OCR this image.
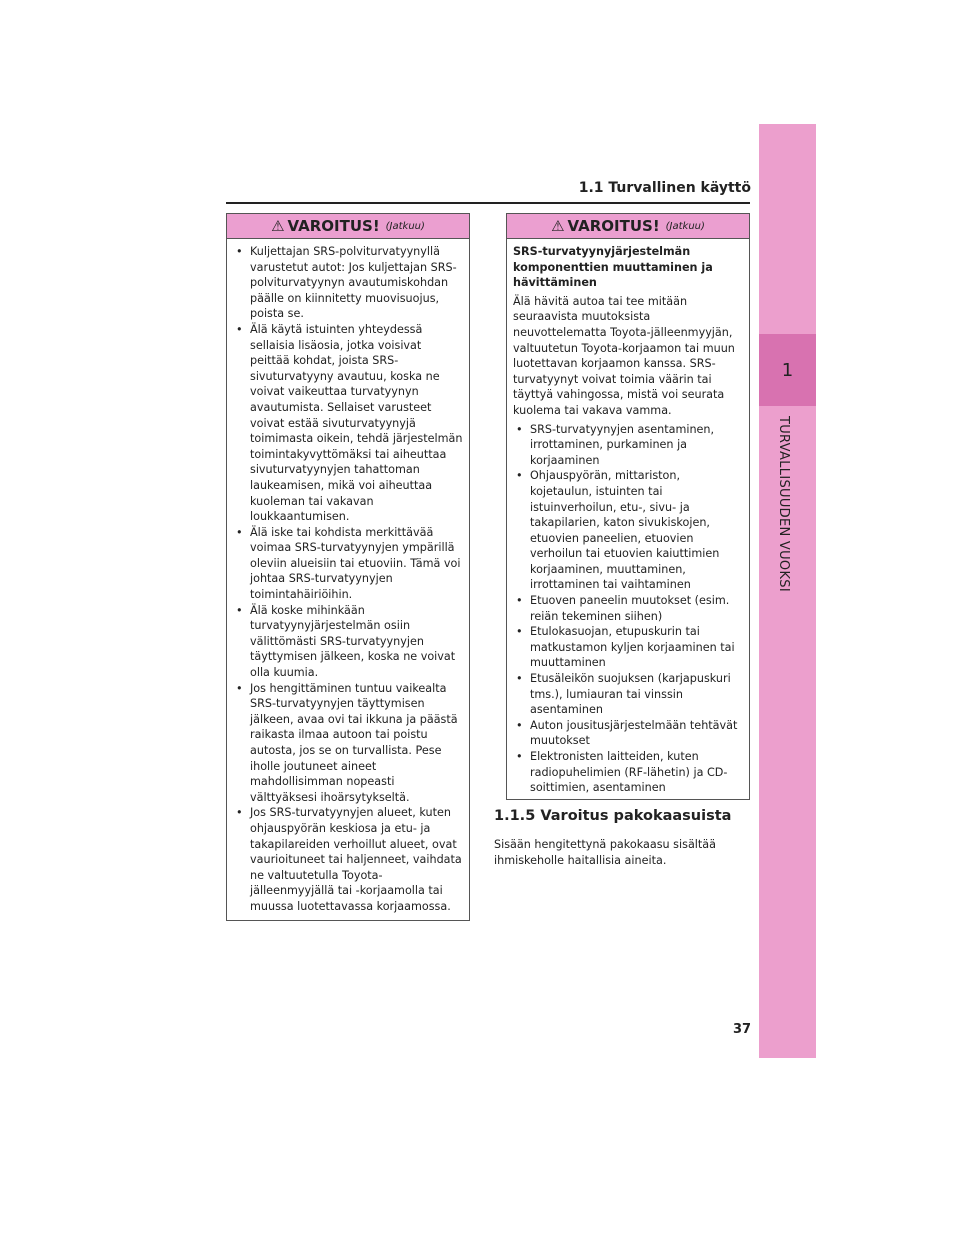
1.1 Turvallinen käyttö
1
TURVALLISUUDEN VUOKSI
⚠ VAROITUS! (Jatkuu)
• Kuljettajan SRS-polviturvatyynyllä varustetut autot: Jos kuljettajan SRS-polviturvatyynyn avautumiskohdan päälle on kiinnitetty muovisuojus, poista se.
• Älä käytä istuinten yhteydessä sellaisia lisäosia, jotka voisivat peittää kohdat, joista SRS-sivuturvatyyny avautuu, koska ne voivat vaikeuttaa turvatyynyn avautumista. Sellaiset varusteet voivat estää sivuturvatyynyjä toimimasta oikein, tehdä järjestelmän toimintakyvyttömäksi tai aiheuttaa sivuturvatyynyjen tahattoman laukeamisen, mikä voi aiheuttaa kuoleman tai vakavan loukkaantumisen.
• Älä iske tai kohdista merkittävää voimaa SRS-turvatyynyjen ympärillä oleviin alueisiin tai etuoviin. Tämä voi johtaa SRS-turvatyynyjen toimintahäiriöihin.
• Älä koske mihinkään turvatyynyjärjestelmän osiin välittömästi SRS-turvatyynyjen täyttymisen jälkeen, koska ne voivat olla kuumia.
• Jos hengittäminen tuntuu vaikealta SRS-turvatyynyjen täyttymisen jälkeen, avaa ovi tai ikkuna ja päästä raikasta ilmaa autoon tai poistu autosta, jos se on turvallista. Pese iholle joutuneet aineet mahdollisimman nopeasti välttyäksesi ihoärsytykseltä.
• Jos SRS-turvatyynyjen alueet, kuten ohjauspyörän keskiosa ja etu- ja takapilareiden verhoillut alueet, ovat vaurioituneet tai haljenneet, vaihdata ne valtuutetulla Toyota-jälleenmyyjällä tai -korjaamolla tai muussa luotettavassa korjaamossa.
⚠ VAROITUS! (Jatkuu)

SRS-turvatyynyjärjestelmän komponenttien muuttaminen ja hävittäminen

Älä hävitä autoa tai tee mitään seuraavista muutoksista neuvottelematta Toyota-jälleenmyyjän, valtuutetun Toyota-korjaamon tai muun luotettavan korjaamon kanssa. SRS-turvatyynyt voivat toimia väärin tai täyttyä vahingossa, mistä voi seurata kuolema tai vakava vamma.

• SRS-turvatyynyjen asentaminen, irrottaminen, purkaminen ja korjaaminen
• Ohjauspyörän, mittariston, kojetaulun, istuinten tai istuinverhoilun, etu-, sivu- ja takapilarien, katon sivukiskojen, etuovien paneelien, etuovien verhoilun tai etuovien kaiuttimien korjaaminen, muuttaminen, irrottaminen tai vaihtaminen
• Etuoven paneelin muutokset (esim. reiän tekeminen siihen)
• Etulokasuojan, etupuskurin tai matkustamon kyljen korjaaminen tai muuttaminen
• Etusäleikön suojuksen (karjapuskuri tms.), lumiauran tai vinssin asentaminen
• Auton jousitusjärjestelmään tehtävät muutokset
• Elektronisten laitteiden, kuten radiopuhelimien (RF-lähetin) ja CD-soittimien, asentaminen
1.1.5 Varoitus pakokaasuista
Sisään hengitettynä pakokaasu sisältää ihmiskeholle haitallisia aineita.
37
